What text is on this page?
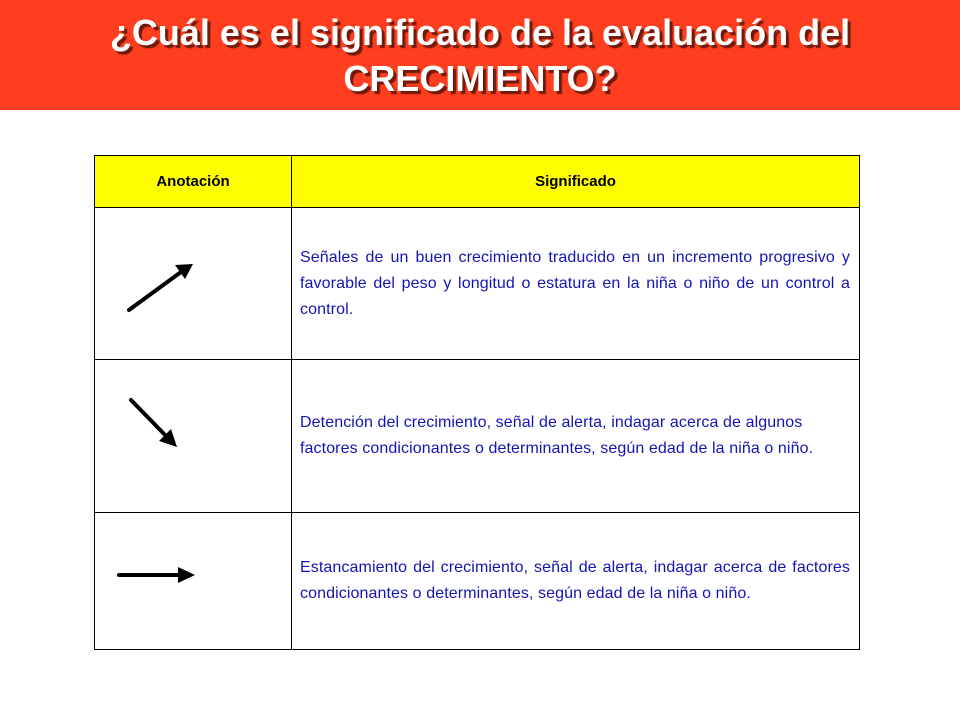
¿Cuál es el significado de la evaluación del
CRECIMIENTO?
Anotación	Significado

	Señales de un buen crecimiento traducido en un incremento progresivo y favorable del peso y longitud o estatura en la niña o niño de un control a control.

	Detención del crecimiento, señal de alerta, indagar acerca de algunos factores condicionantes o determinantes, según edad de la niña o niño.

	Estancamiento del crecimiento, señal de alerta, indagar acerca de factores condicionantes o determinantes, según edad de la niña o niño.
